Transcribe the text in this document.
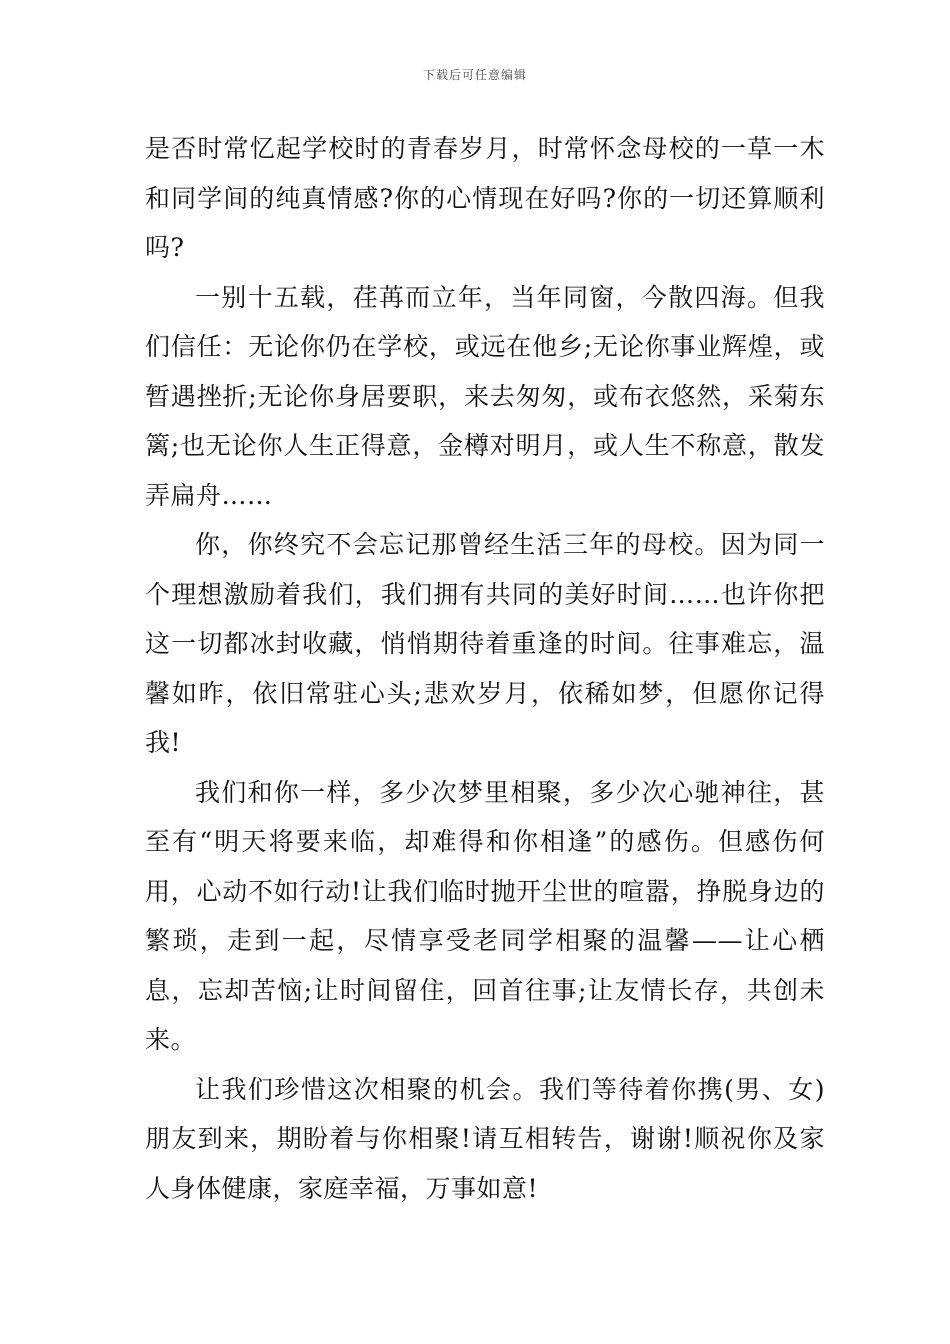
下载后可任意编辑

是否时常忆起学校时的青春岁月，时常怀念母校的一草一木和同学间的纯真情感?你的心情现在好吗?你的一切还算顺利吗?

一别十五载，荏苒而立年，当年同窗，今散四海。但我们信任：无论你仍在学校，或远在他乡;无论你事业辉煌，或暂遇挫折;无论你身居要职，来去匆匆，或布衣悠然，采菊东篱;也无论你人生正得意，金樽对明月，或人生不称意，散发弄扁舟……

你，你终究不会忘记那曾经生活三年的母校。因为同一个理想激励着我们，我们拥有共同的美好时间……也许你把这一切都冰封收藏，悄悄期待着重逢的时间。往事难忘，温馨如昨，依旧常驻心头;悲欢岁月，依稀如梦，但愿你记得我!

我们和你一样，多少次梦里相聚，多少次心驰神往，甚至有“明天将要来临，却难得和你相逢”的感伤。但感伤何用，心动不如行动!让我们临时抛开尘世的喧嚣，挣脱身边的繁琐，走到一起，尽情享受老同学相聚的温馨——让心栖息，忘却苦恼;让时间留住，回首往事;让友情长存，共创未来。

让我们珍惜这次相聚的机会。我们等待着你携(男、女)朋友到来，期盼着与你相聚!请互相转告，谢谢!顺祝你及家人身体健康，家庭幸福，万事如意!
